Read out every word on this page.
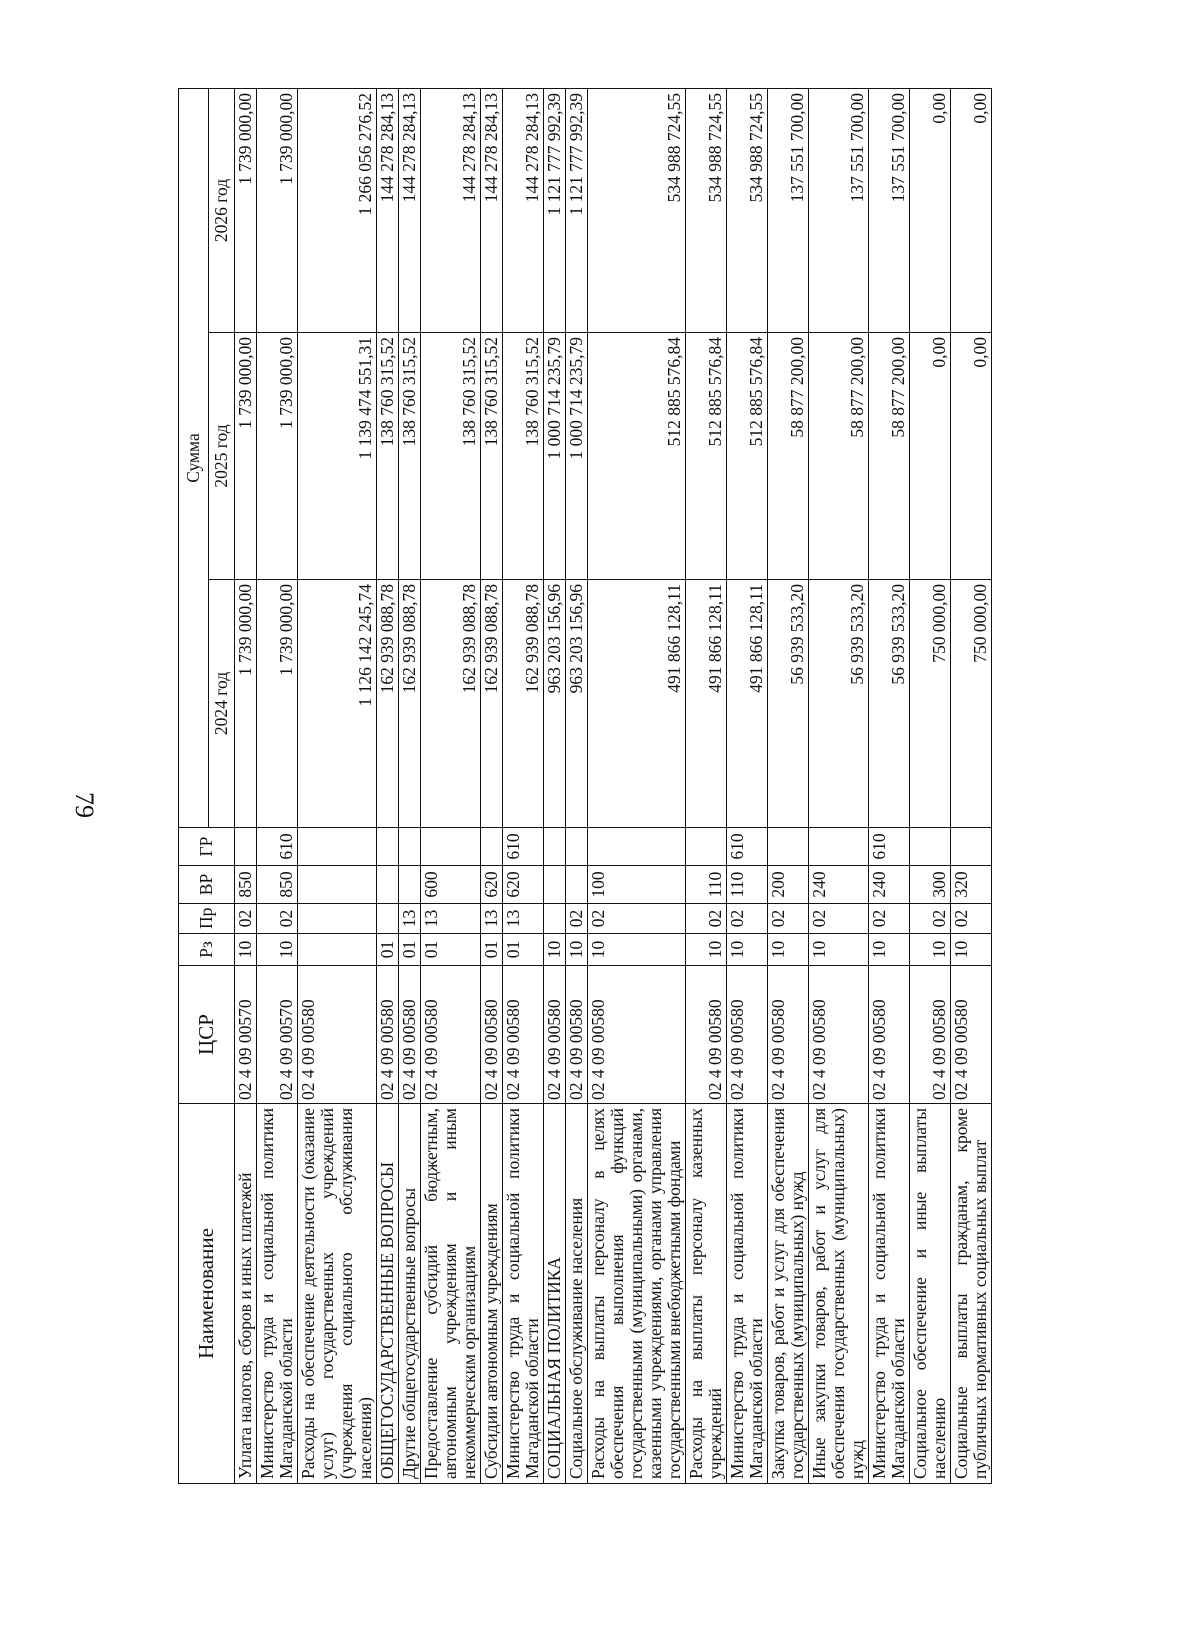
79
Наименование	ЦСР	Рз	Пр	ВР	ГР	Сумма		
						2024 год	2025 год	2026 год
Уплата налогов, сборов и иных платежей	02 4 09 00570	10	02	850		1 739 000,00	1 739 000,00	1 739 000,00
Министерство труда и социальной политики Магаданской области	02 4 09 00570	10	02	850	610	1 739 000,00	1 739 000,00	1 739 000,00
Расходы на обеспечение деятельности (оказание услуг) государственных учреждений (учреждения социального обслуживания населения)	02 4 09 00580					1 126 142 245,74	1 139 474 551,31	1 266 056 276,52
ОБЩЕГОСУДАРСТВЕННЫЕ ВОПРОСЫ	02 4 09 00580	01				162 939 088,78	138 760 315,52	144 278 284,13
Другие общегосударственные вопросы	02 4 09 00580	01	13			162 939 088,78	138 760 315,52	144 278 284,13
Предоставление субсидий бюджетным, автономным учреждениям и иным некоммерческим организациям	02 4 09 00580	01	13	600		162 939 088,78	138 760 315,52	144 278 284,13
Субсидии автономным учреждениям	02 4 09 00580	01	13	620		162 939 088,78	138 760 315,52	144 278 284,13
Министерство труда и социальной политики Магаданской области	02 4 09 00580	01	13	620	610	162 939 088,78	138 760 315,52	144 278 284,13
СОЦИАЛЬНАЯ ПОЛИТИКА	02 4 09 00580	10				963 203 156,96	1 000 714 235,79	1 121 777 992,39
Социальное обслуживание населения	02 4 09 00580	10	02			963 203 156,96	1 000 714 235,79	1 121 777 992,39
Расходы на выплаты персоналу в целях обеспечения выполнения функций государственными (муниципальными) органами, казенными учреждениями, органами управления государственными внебюджетными фондами	02 4 09 00580	10	02	100		491 866 128,11	512 885 576,84	534 988 724,55
Расходы на выплаты персоналу казенных учреждений	02 4 09 00580	10	02	110		491 866 128,11	512 885 576,84	534 988 724,55
Министерство труда и социальной политики Магаданской области	02 4 09 00580	10	02	110	610	491 866 128,11	512 885 576,84	534 988 724,55
Закупка товаров, работ и услуг для обеспечения государственных (муниципальных) нужд	02 4 09 00580	10	02	200		56 939 533,20	58 877 200,00	137 551 700,00
Иные закупки товаров, работ и услуг для обеспечения государственных (муниципальных) нужд	02 4 09 00580	10	02	240		56 939 533,20	58 877 200,00	137 551 700,00
Министерство труда и социальной политики Магаданской области	02 4 09 00580	10	02	240	610	56 939 533,20	58 877 200,00	137 551 700,00
Социальное обеспечение и иные выплаты населению	02 4 09 00580	10	02	300		750 000,00	0,00	0,00
Социальные выплаты гражданам, кроме публичных нормативных социальных выплат	02 4 09 00580	10	02	320		750 000,00	0,00	0,00
